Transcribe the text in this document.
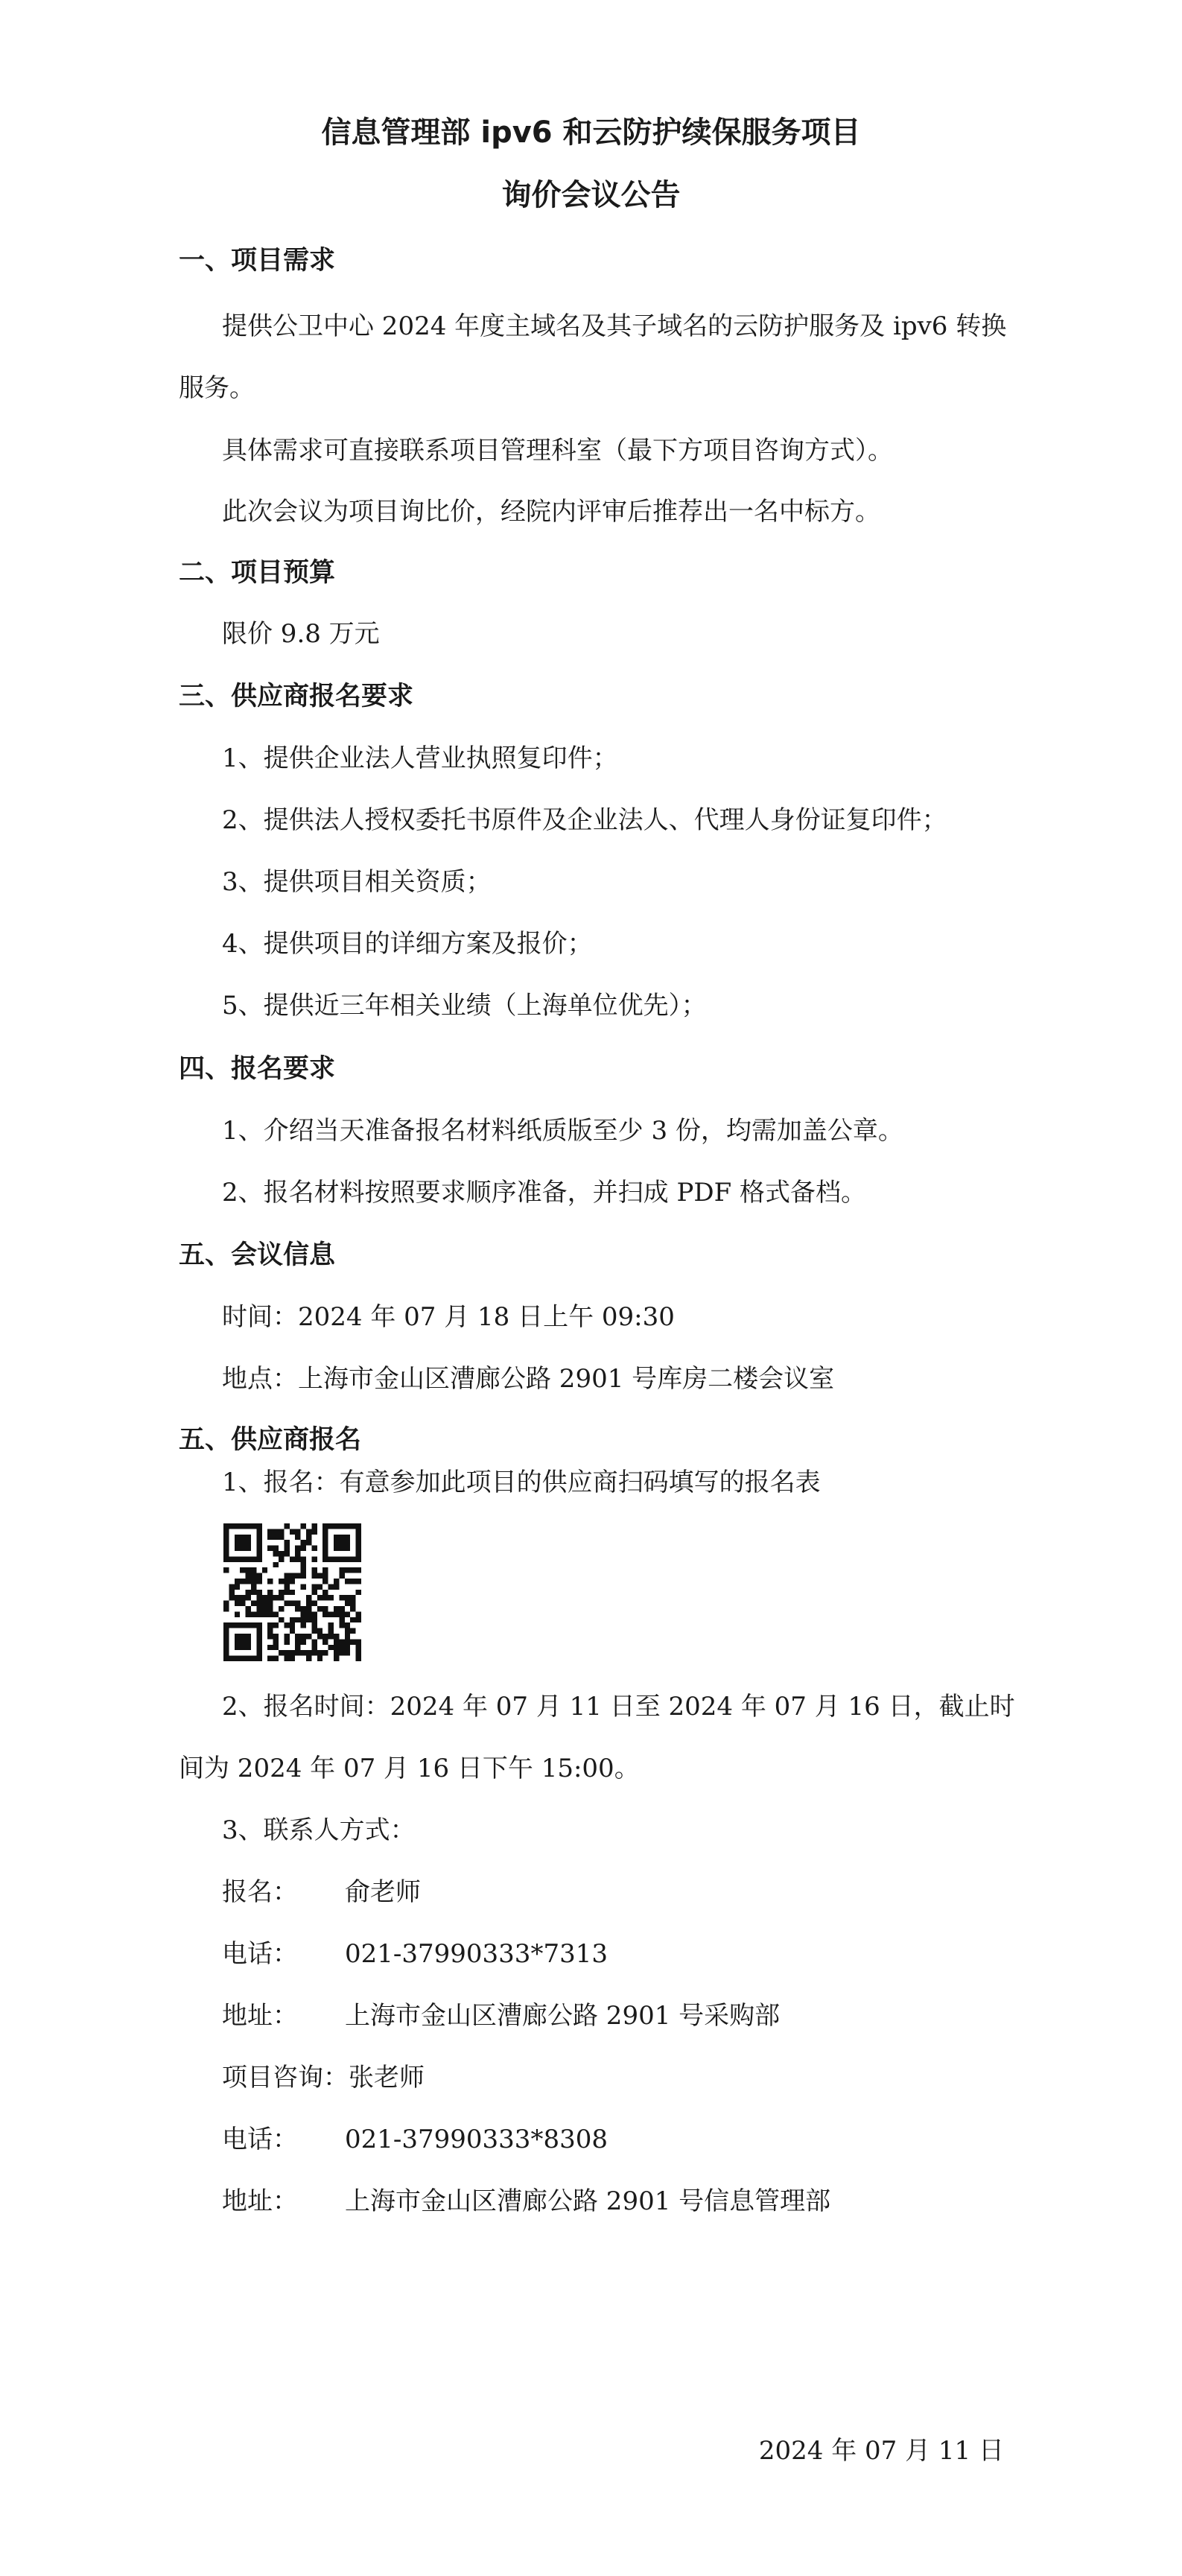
信息管理部 ipv6 和云防护续保服务项目
询价会议公告
一、项目需求
提供公卫中心 2024 年度主域名及其子域名的云防护服务及 ipv6 转换服务。
具体需求可直接联系项目管理科室（最下方项目咨询方式）。
此次会议为项目询比价，经院内评审后推荐出一名中标方。
二、项目预算
限价 9.8 万元
三、供应商报名要求
1、提供企业法人营业执照复印件；
2、提供法人授权委托书原件及企业法人、代理人身份证复印件；
3、提供项目相关资质；
4、提供项目的详细方案及报价；
5、提供近三年相关业绩（上海单位优先）；
四、报名要求
1、介绍当天准备报名材料纸质版至少 3 份，均需加盖公章。
2、报名材料按照要求顺序准备，并扫成 PDF 格式备档。
五、会议信息
时间：2024 年 07 月 18 日上午 09:30
地点：上海市金山区漕廊公路 2901 号库房二楼会议室
五、供应商报名
1、报名：有意参加此项目的供应商扫码填写的报名表
2、报名时间：2024 年 07 月 11 日至 2024 年 07 月 16 日，截止时间为 2024 年 07 月 16 日下午 15:00。
3、联系人方式：
报名： 俞老师
电话： 021-37990333*7313
地址： 上海市金山区漕廊公路 2901 号采购部
项目咨询：张老师
电话： 021-37990333*8308
地址： 上海市金山区漕廊公路 2901 号信息管理部
2024 年 07 月 11 日
